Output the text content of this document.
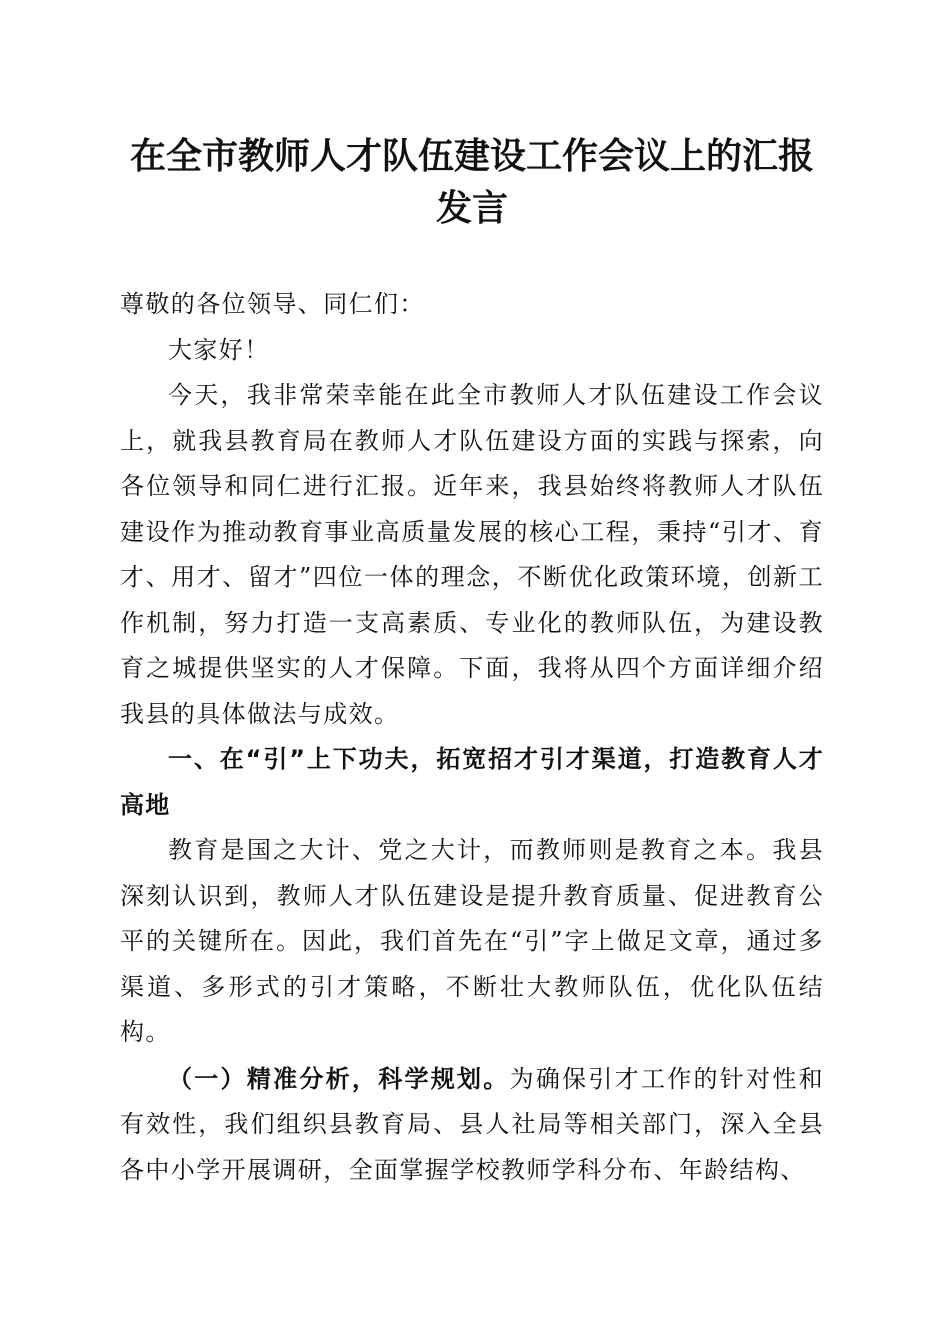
在全市教师人才队伍建设工作会议上的汇报发言

尊敬的各位领导、同仁们：

大家好！

今天，我非常荣幸能在此全市教师人才队伍建设工作会议上，就我县教育局在教师人才队伍建设方面的实践与探索，向各位领导和同仁进行汇报。近年来，我县始终将教师人才队伍建设作为推动教育事业高质量发展的核心工程，秉持“引才、育才、用才、留才”四位一体的理念，不断优化政策环境，创新工作机制，努力打造一支高素质、专业化的教师队伍，为建设教育之城提供坚实的人才保障。下面，我将从四个方面详细介绍我县的具体做法与成效。

一、在“引”上下功夫，拓宽招才引才渠道，打造教育人才高地

教育是国之大计、党之大计，而教师则是教育之本。我县深刻认识到，教师人才队伍建设是提升教育质量、促进教育公平的关键所在。因此，我们首先在“引”字上做足文章，通过多渠道、多形式的引才策略，不断壮大教师队伍，优化队伍结构。

（一）精准分析，科学规划。为确保引才工作的针对性和有效性，我们组织县教育局、县人社局等相关部门，深入全县各中小学开展调研，全面掌握学校教师学科分布、年龄结构、
